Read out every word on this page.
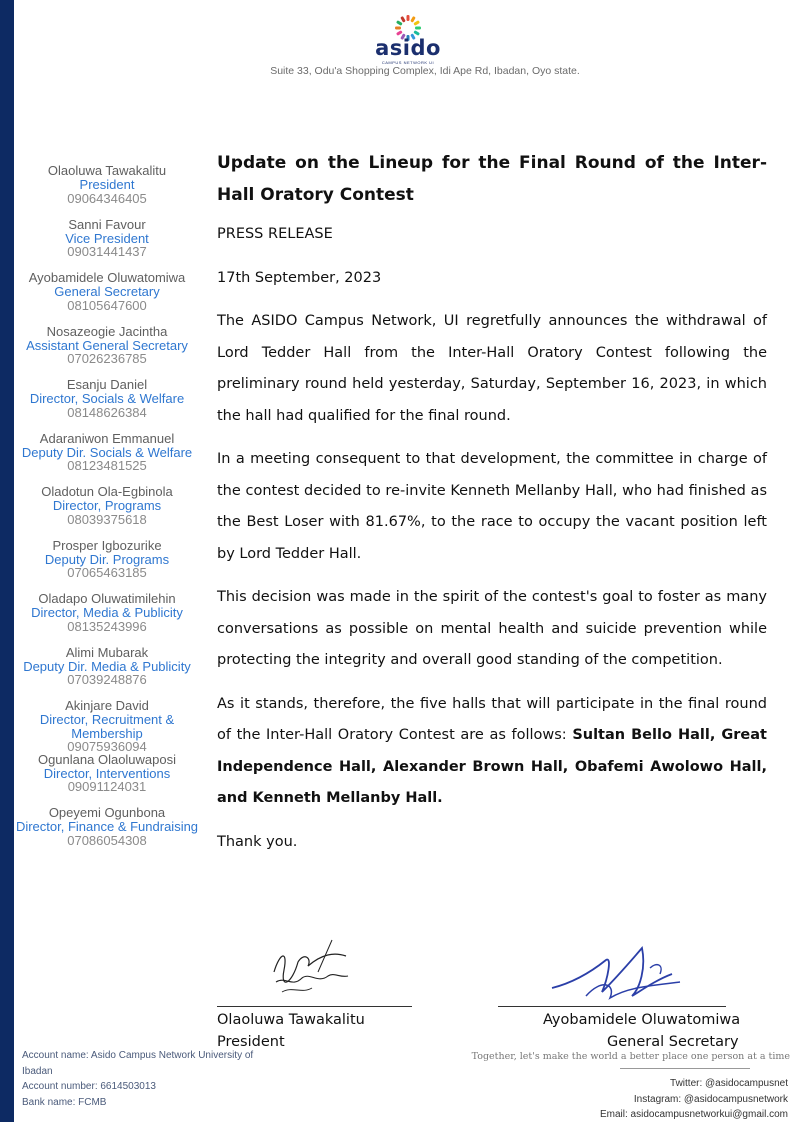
asido
CAMPUS NETWORK UI
Suite 33, Odu'a Shopping Complex, Idi Ape Rd, Ibadan, Oyo state.
Olaoluwa Tawakalitu
President
09064346405
Sanni Favour
Vice President
09031441437
Ayobamidele Oluwatomiwa
General Secretary
08105647600
Nosazeogie Jacintha
Assistant General Secretary
07026236785
Esanju Daniel
Director, Socials & Welfare
08148626384
Adaraniwon Emmanuel
Deputy Dir. Socials & Welfare
08123481525
Oladotun Ola-Egbinola
Director, Programs
08039375618
Prosper Igbozurike
Deputy Dir. Programs
07065463185
Oladapo Oluwatimilehin
Director, Media & Publicity
08135243996
Alimi Mubarak
Deputy Dir. Media & Publicity
07039248876
Akinjare David
Director, Recruitment & Membership
09075936094
Ogunlana Olaoluwaposi
Director, Interventions
09091124031
Opeyemi Ogunbona
Director, Finance & Fundraising
07086054308
Update on the Lineup for the Final Round of the Inter-Hall Oratory Contest
PRESS RELEASE
17th September, 2023
The ASIDO Campus Network, UI regretfully announces the withdrawal of Lord Tedder Hall from the Inter-Hall Oratory Contest following the preliminary round held yesterday, Saturday, September 16, 2023, in which the hall had qualified for the final round.
In a meeting consequent to that development, the committee in charge of the contest decided to re-invite Kenneth Mellanby Hall, who had finished as the Best Loser with 81.67%, to the race to occupy the vacant position left by Lord Tedder Hall.
This decision was made in the spirit of the contest's goal to foster as many conversations as possible on mental health and suicide prevention while protecting the integrity and overall good standing of the competition.
As it stands, therefore, the five halls that will participate in the final round of the Inter-Hall Oratory Contest are as follows: Sultan Bello Hall, Great Independence Hall, Alexander Brown Hall, Obafemi Awolowo Hall, and Kenneth Mellanby Hall.
Thank you.
Olaoluwa Tawakalitu
President
Ayobamidele Oluwatomiwa
General Secretary
Account name: Asido Campus Network University of Ibadan
Account number: 6614503013
Bank name: FCMB
Together, let's make the world a better place one person at a time
Twitter: @asidocampusnet
Instagram: @asidocampusnetwork
Email: asidocampusnetworkui@gmail.com
